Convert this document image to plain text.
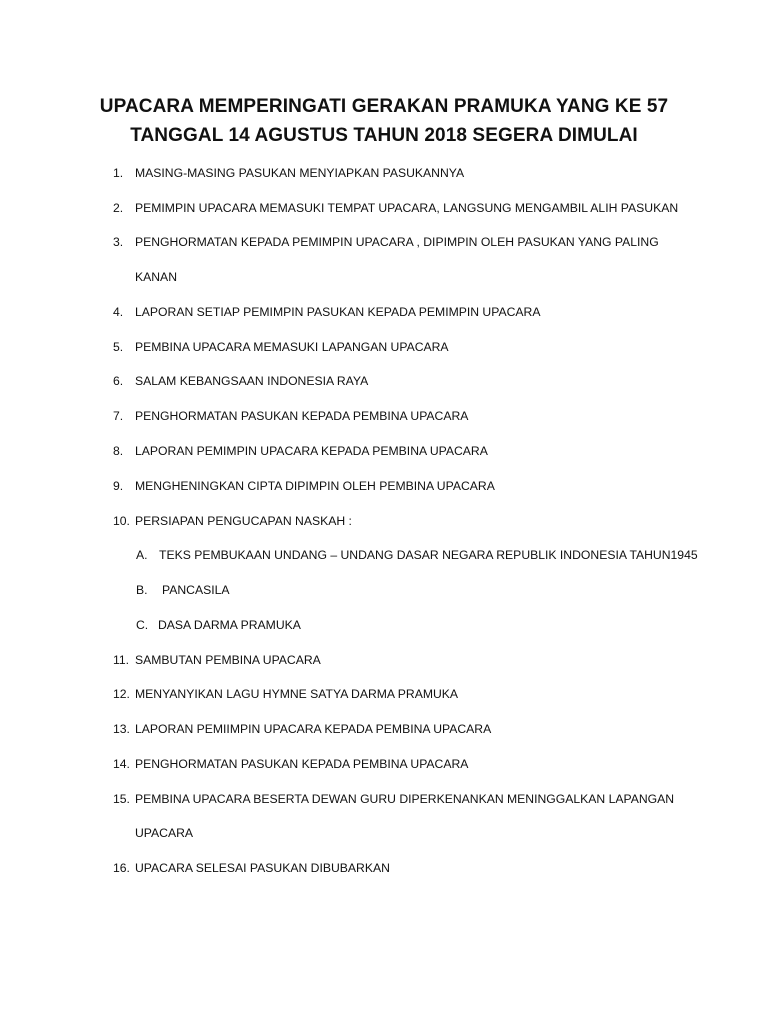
UPACARA MEMPERINGATI GERAKAN PRAMUKA YANG KE 57
TANGGAL 14 AGUSTUS TAHUN 2018 SEGERA DIMULAI
1. MASING-MASING PASUKAN MENYIAPKAN PASUKANNYA
2. PEMIMPIN UPACARA MEMASUKI TEMPAT UPACARA, LANGSUNG MENGAMBIL ALIH PASUKAN
3. PENGHORMATAN KEPADA PEMIMPIN UPACARA , DIPIMPIN OLEH PASUKAN YANG PALING
KANAN
4. LAPORAN SETIAP PEMIMPIN PASUKAN KEPADA PEMIMPIN UPACARA
5. PEMBINA UPACARA MEMASUKI LAPANGAN UPACARA
6. SALAM KEBANGSAAN INDONESIA RAYA
7. PENGHORMATAN PASUKAN KEPADA PEMBINA UPACARA
8. LAPORAN PEMIMPIN UPACARA KEPADA PEMBINA UPACARA
9. MENGHENINGKAN CIPTA DIPIMPIN OLEH PEMBINA UPACARA
10. PERSIAPAN PENGUCAPAN NASKAH :
A. TEKS PEMBUKAAN UNDANG – UNDANG DASAR NEGARA REPUBLIK INDONESIA TAHUN1945
B. PANCASILA
C. DASA DARMA PRAMUKA
11. SAMBUTAN PEMBINA UPACARA
12. MENYANYIKAN LAGU HYMNE SATYA DARMA PRAMUKA
13. LAPORAN PEMIIMPIN UPACARA KEPADA PEMBINA UPACARA
14. PENGHORMATAN PASUKAN KEPADA PEMBINA UPACARA
15. PEMBINA UPACARA BESERTA DEWAN GURU DIPERKENANKAN MENINGGALKAN LAPANGAN
UPACARA
16. UPACARA SELESAI PASUKAN DIBUBARKAN
